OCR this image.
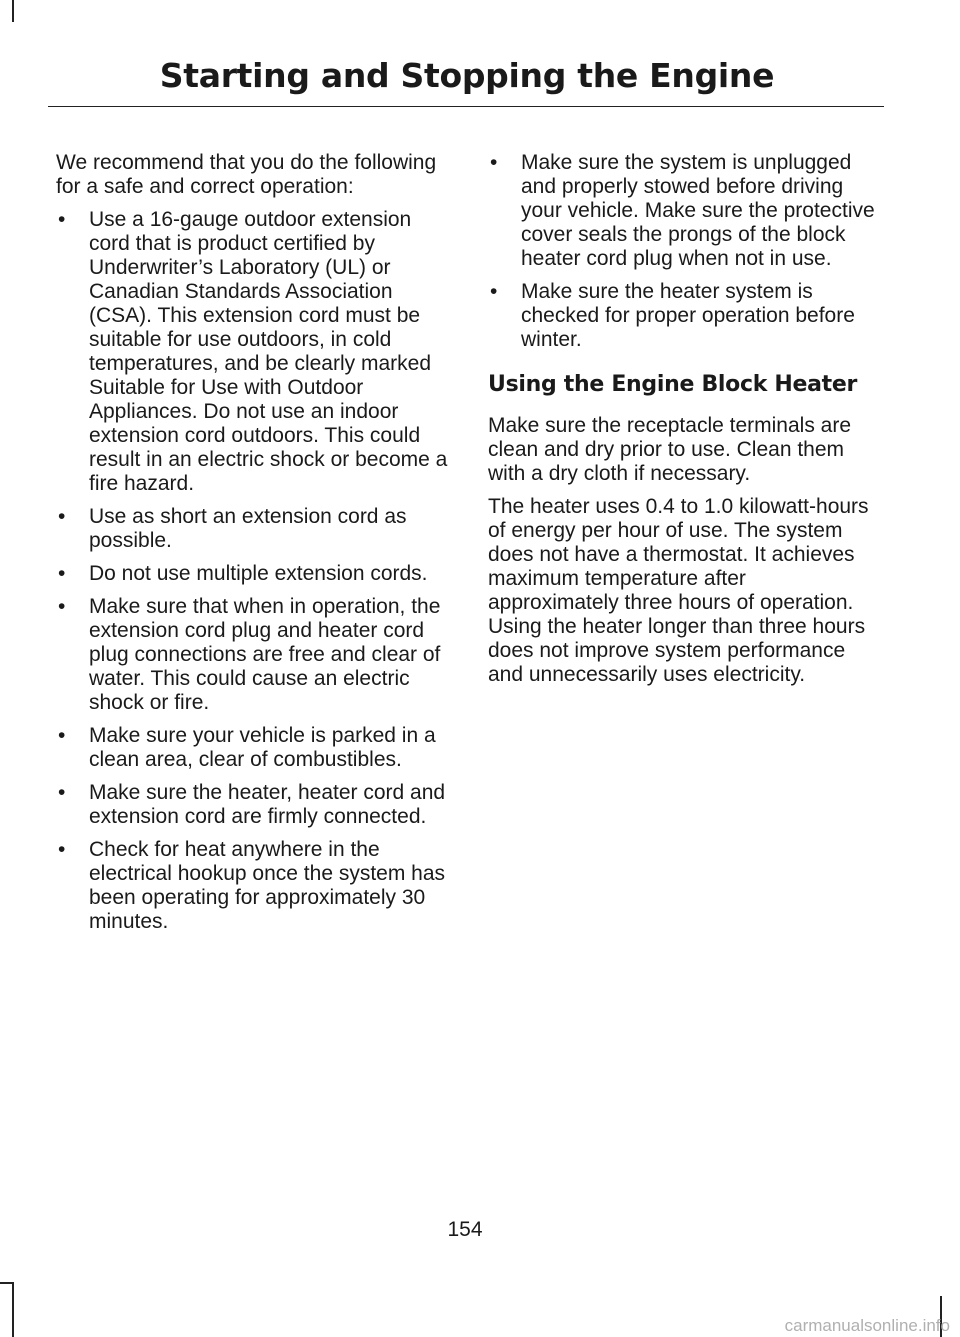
Starting and Stopping the Engine

We recommend that you do the following for a safe and correct operation:

• Use a 16-gauge outdoor extension cord that is product certified by Underwriter’s Laboratory (UL) or Canadian Standards Association (CSA). This extension cord must be suitable for use outdoors, in cold temperatures, and be clearly marked Suitable for Use with Outdoor Appliances. Do not use an indoor extension cord outdoors. This could result in an electric shock or become a fire hazard.
• Use as short an extension cord as possible.
• Do not use multiple extension cords.
• Make sure that when in operation, the extension cord plug and heater cord plug connections are free and clear of water. This could cause an electric shock or fire.
• Make sure your vehicle is parked in a clean area, clear of combustibles.
• Make sure the heater, heater cord and extension cord are firmly connected.
• Check for heat anywhere in the electrical hookup once the system has been operating for approximately 30 minutes.
• Make sure the system is unplugged and properly stowed before driving your vehicle. Make sure the protective cover seals the prongs of the block heater cord plug when not in use.
• Make sure the heater system is checked for proper operation before winter.
Using the Engine Block Heater

Make sure the receptacle terminals are clean and dry prior to use. Clean them with a dry cloth if necessary.

The heater uses 0.4 to 1.0 kilowatt-hours of energy per hour of use. The system does not have a thermostat. It achieves maximum temperature after approximately three hours of operation. Using the heater longer than three hours does not improve system performance and unnecessarily uses electricity.

154
carmanualsonline.info
